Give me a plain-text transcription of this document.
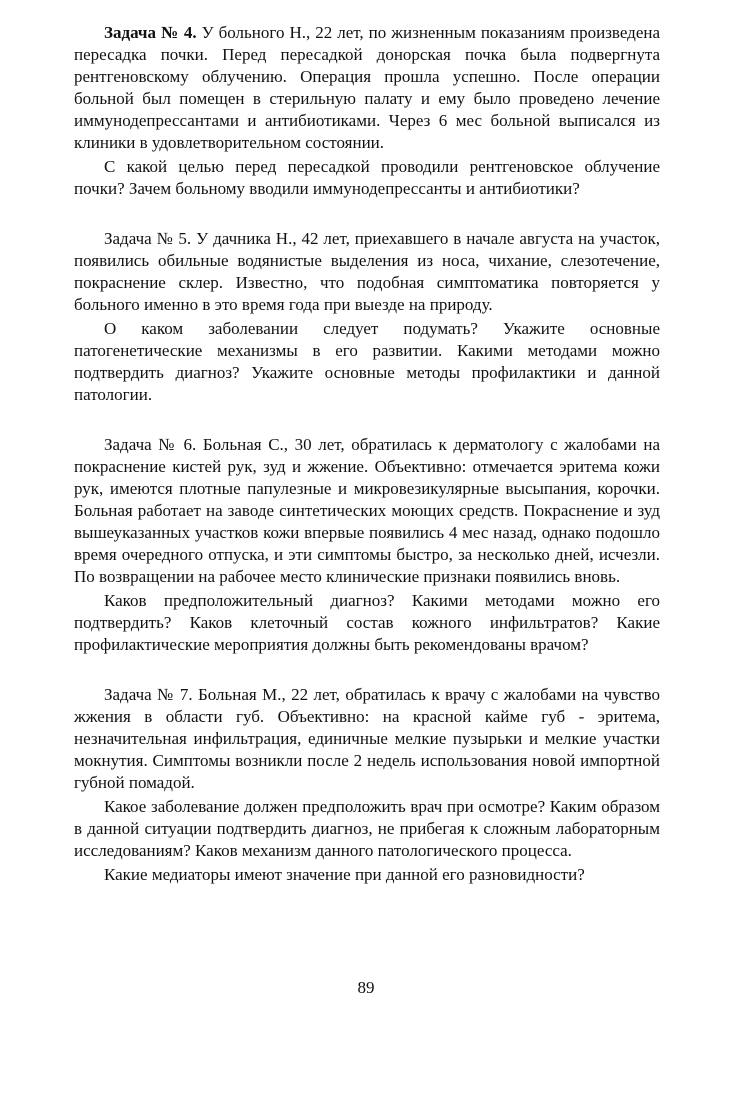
Задача № 4. У больного Н., 22 лет, по жизненным показаниям произведена пересадка почки. Перед пересадкой донорская почка была подвергнута рентгеновскому облучению. Операция прошла успешно. После операции больной был помещен в стерильную палату и ему было проведено лечение иммунодепрессантами и антибиотиками. Через 6 мес больной выписался из клиники в удовлетворительном состоянии.

С какой целью перед пересадкой проводили рентгеновское облучение почки? Зачем больному вводили иммунодепрессанты и антибиотики?

Задача № 5. У дачника Н., 42 лет, приехавшего в начале августа на участок, появились обильные водянистые выделения из носа, чихание, слезотечение, покраснение склер. Известно, что подобная симптоматика повторяется у больного именно в это время года при выезде на природу.

О каком заболевании следует подумать? Укажите основные патогенетические механизмы в его развитии. Какими методами можно подтвердить диагноз? Укажите основные методы профилактики и данной патологии.

Задача № 6. Больная С., 30 лет, обратилась к дерматологу с жалобами на покраснение кистей рук, зуд и жжение. Объективно: отмечается эритема кожи рук, имеются плотные папулезные и микровезикулярные высыпания, корочки. Больная работает на заводе синтетических моющих средств. Покраснение и зуд вышеуказанных участков кожи впервые появились 4 мес назад, однако подошло время очередного отпуска, и эти симптомы быстро, за несколько дней, исчезли. По возвращении на рабочее место клинические признаки появились вновь.

Каков предположительный диагноз? Какими методами можно его подтвердить? Каков клеточный состав кожного инфильтратов? Какие профилактические мероприятия должны быть рекомендованы врачом?

Задача № 7. Больная М., 22 лет, обратилась к врачу с жалобами на чувство жжения в области губ. Объективно: на красной кайме губ - эритема, незначительная инфильтрация, единичные мелкие пузырьки и мелкие участки мокнутия. Симптомы возникли после 2 недель использования новой импортной губной помадой.

Какое заболевание должен предположить врач при осмотре? Каким образом в данной ситуации подтвердить диагноз, не прибегая к сложным лабораторным исследованиям? Каков механизм данного патологического процесса.

Какие медиаторы имеют значение при данной его разновидности?

89
